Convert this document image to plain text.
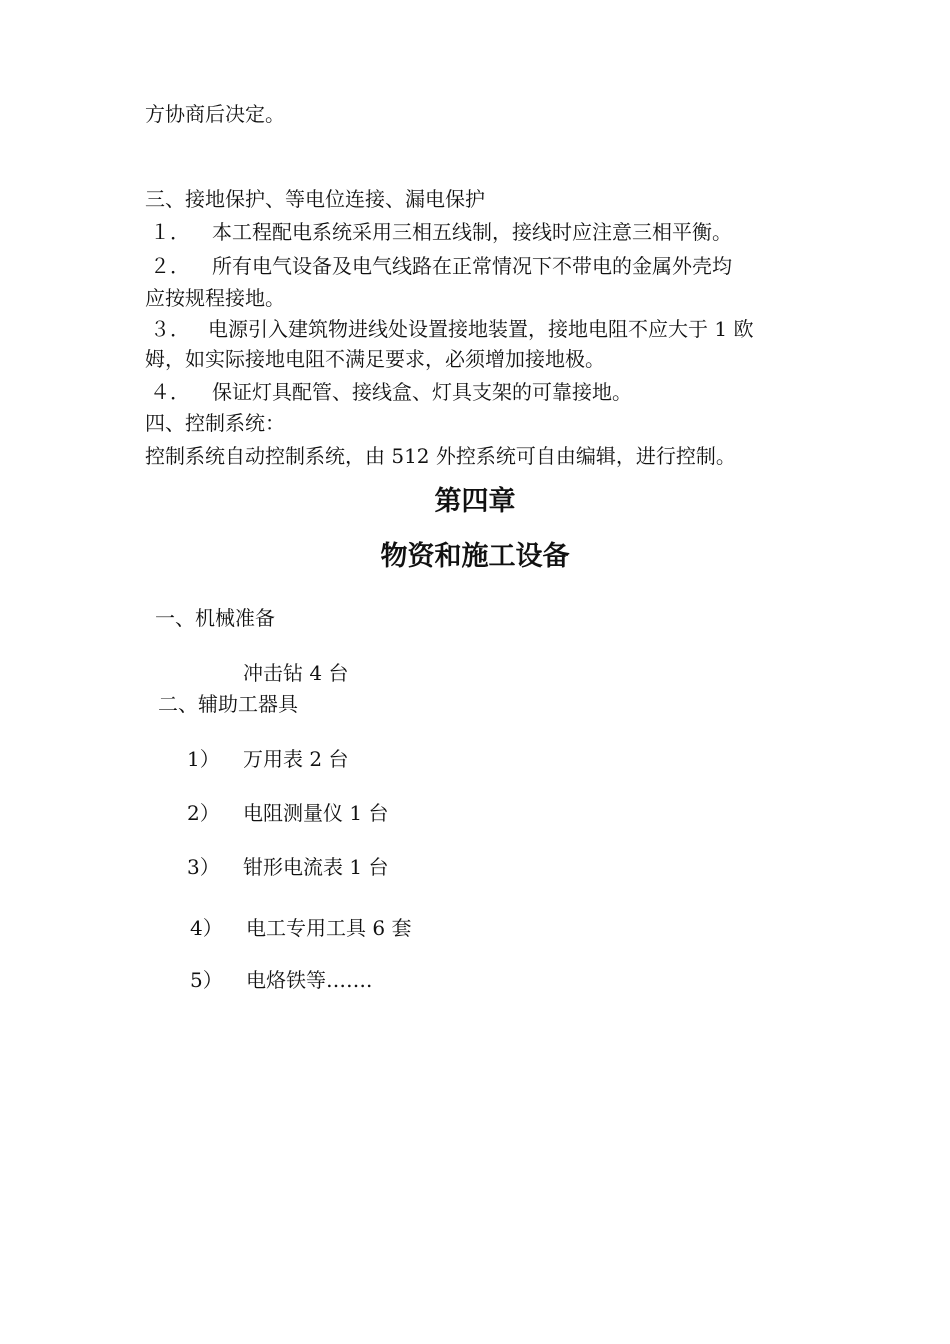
方协商后决定。
三、接地保护、等电位连接、漏电保护
１． 本工程配电系统采用三相五线制，接线时应注意三相平衡。
２． 所有电气设备及电气线路在正常情况下不带电的金属外壳均
应按规程接地。
３． 电源引入建筑物进线处设置接地装置，接地电阻不应大于 1 欧
姆，如实际接地电阻不满足要求，必须增加接地极。
４． 保证灯具配管、接线盒、灯具支架的可靠接地。
四、控制系统：
控制系统自动控制系统，由 512 外控系统可自由编辑，进行控制。
第四章
物资和施工设备
一、机械准备
冲击钻 4 台
二、辅助工器具
1） 万用表 2 台
2） 电阻测量仪 1 台
3） 钳形电流表 1 台
4） 电工专用工具 6 套
5） 电烙铁等…….
